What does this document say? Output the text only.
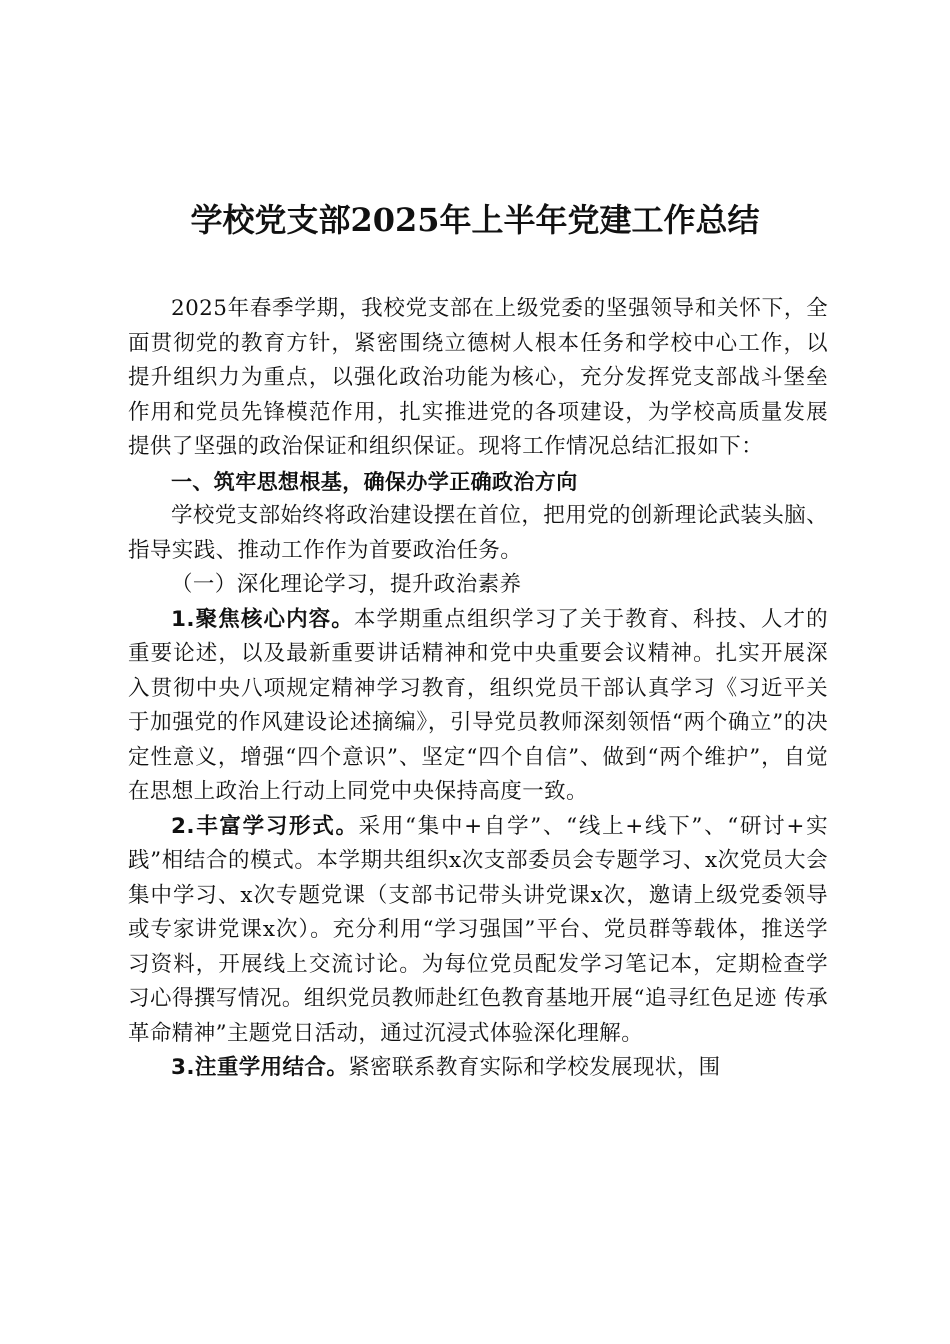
学校党支部2025年上半年党建工作总结

2025年春季学期，我校党支部在上级党委的坚强领导和关怀下，全面贯彻党的教育方针，紧密围绕立德树人根本任务和学校中心工作，以提升组织力为重点，以强化政治功能为核心，充分发挥党支部战斗堡垒作用和党员先锋模范作用，扎实推进党的各项建设，为学校高质量发展提供了坚强的政治保证和组织保证。现将工作情况总结汇报如下：

一、筑牢思想根基，确保办学正确政治方向

学校党支部始终将政治建设摆在首位，把用党的创新理论武装头脑、指导实践、推动工作作为首要政治任务。

（一）深化理论学习，提升政治素养

1.聚焦核心内容。本学期重点组织学习了关于教育、科技、人才的重要论述，以及最新重要讲话精神和党中央重要会议精神。扎实开展深入贯彻中央八项规定精神学习教育，组织党员干部认真学习《习近平关于加强党的作风建设论述摘编》，引导党员教师深刻领悟“两个确立”的决定性意义，增强“四个意识”、坚定“四个自信”、做到“两个维护”，自觉在思想上政治上行动上同党中央保持高度一致。

2.丰富学习形式。采用“集中+自学”、“线上+线下”、“研讨+实践”相结合的模式。本学期共组织x次支部委员会专题学习、x次党员大会集中学习、x次专题党课（支部书记带头讲党课x次，邀请上级党委领导或专家讲党课x次）。充分利用“学习强国”平台、党员群等载体，推送学习资料，开展线上交流讨论。为每位党员配发学习笔记本，定期检查学习心得撰写情况。组织党员教师赴红色教育基地开展“追寻红色足迹 传承革命精神”主题党日活动，通过沉浸式体验深化理解。

3.注重学用结合。紧密联系教育实际和学校发展现状，围
